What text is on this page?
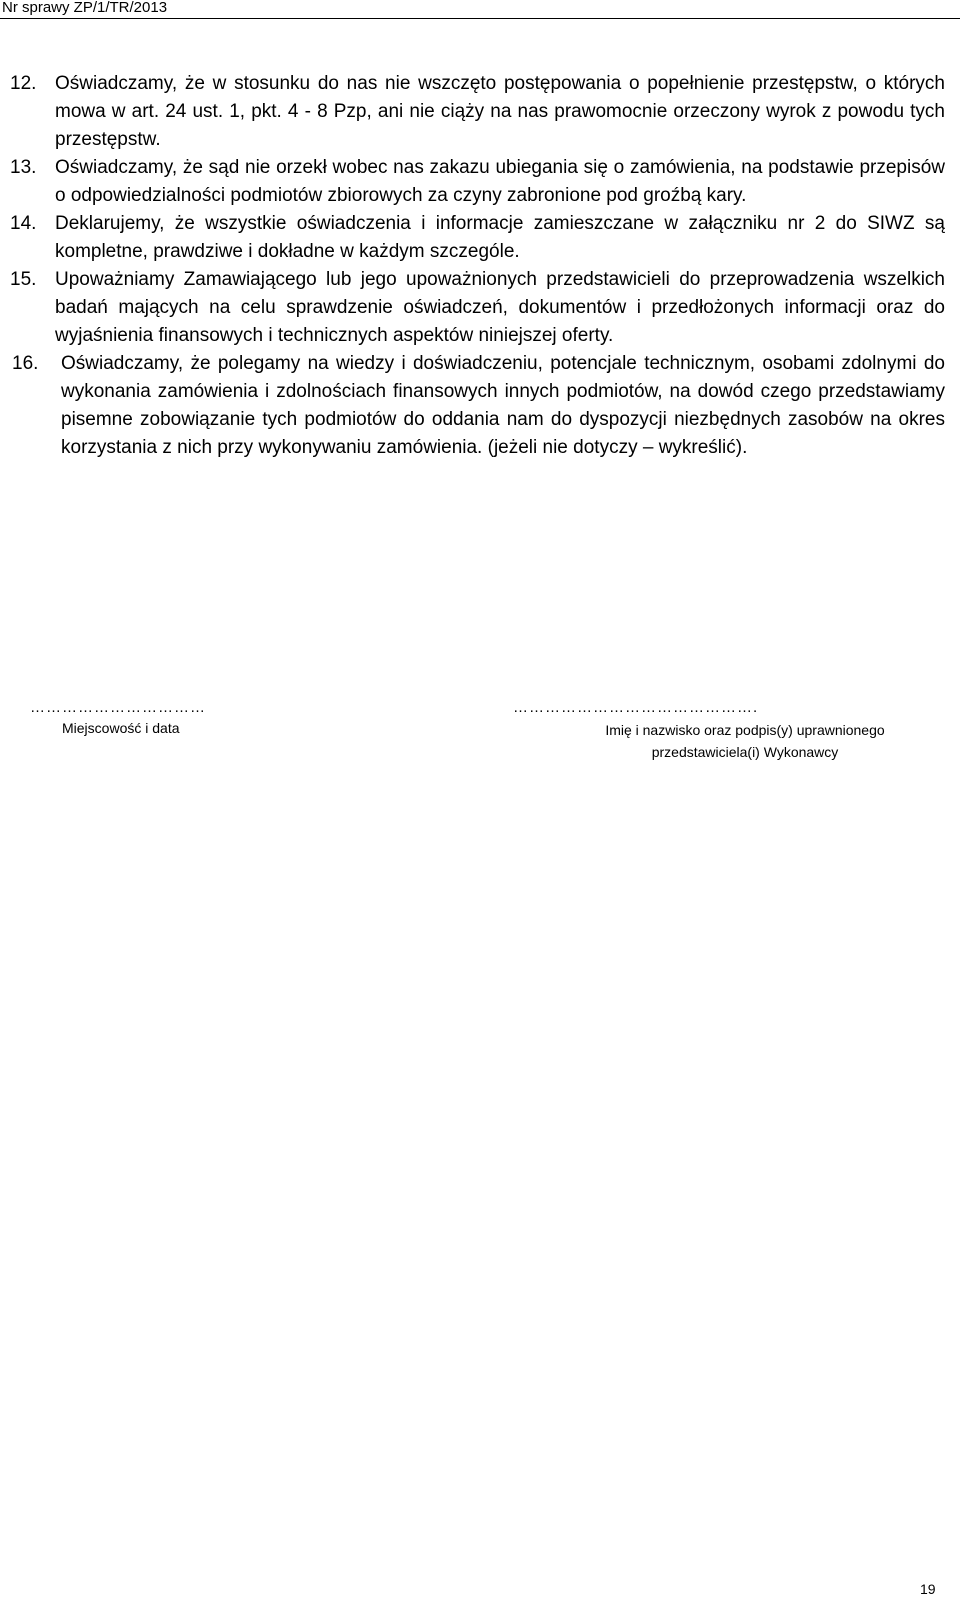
Nr sprawy ZP/1/TR/2013
12. Oświadczamy, że w stosunku do nas nie wszczęto postępowania o popełnienie przestępstw, o których mowa w art. 24 ust. 1, pkt. 4 - 8 Pzp, ani nie ciąży na nas prawomocnie orzeczony wyrok z powodu tych przestępstw.
13. Oświadczamy, że sąd nie orzekł wobec nas zakazu ubiegania się o zamówienia, na podstawie przepisów o odpowiedzialności podmiotów zbiorowych za czyny zabronione pod groźbą kary.
14. Deklarujemy, że wszystkie oświadczenia i informacje zamieszczane w załączniku nr 2 do SIWZ są kompletne, prawdziwe i dokładne w każdym szczególe.
15. Upoważniamy Zamawiającego lub jego upoważnionych przedstawicieli do przeprowadzenia wszelkich badań mających na celu sprawdzenie oświadczeń, dokumentów i przedłożonych informacji oraz do wyjaśnienia finansowych i technicznych aspektów niniejszej oferty.
16.	Oświadczamy, że polegamy na wiedzy i doświadczeniu, potencjale technicznym, osobami zdolnymi do wykonania zamówienia i zdolnościach finansowych innych podmiotów, na dowód czego przedstawiamy pisemne zobowiązanie tych podmiotów do oddania nam do dyspozycji niezbędnych zasobów na okres korzystania z nich przy wykonywaniu zamówienia. (jeżeli nie dotyczy – wykreślić).
……………………………
Miejscowość i data
……………………………………….
Imię i nazwisko oraz podpis(y) uprawnionego
przedstawiciela(i) Wykonawcy
19
